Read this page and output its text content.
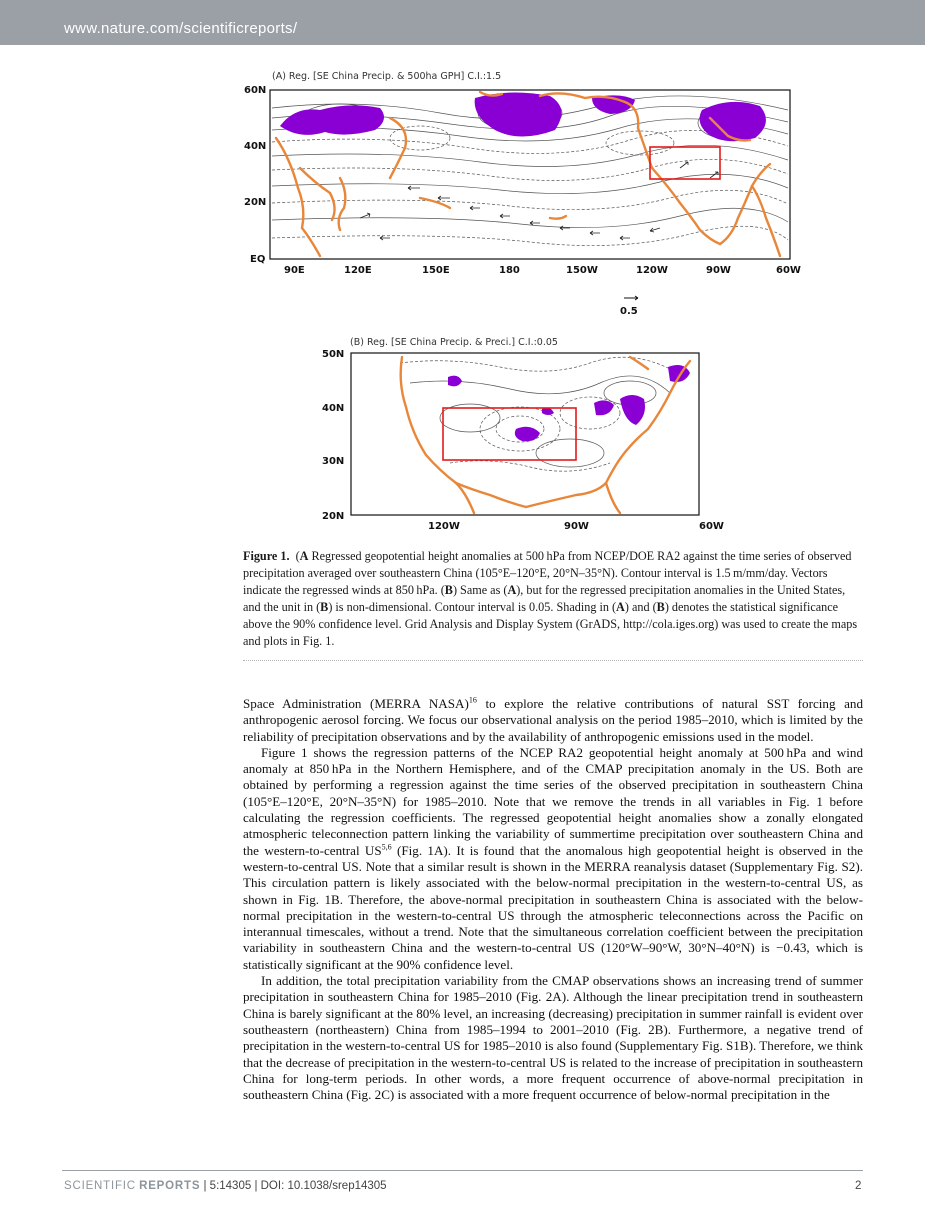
www.nature.com/scientificreports/
(A) Reg. [SE China Precip. & 500ha GPH] C.I.:1.5
60N
40N
20N
EQ
90E	120E	150E	180	150W	120W	90W	60W
0.5
(B) Reg. [SE China Precip. & Preci.] C.I.:0.05
50N
40N
30N
20N
120W	90W	60W
Figure 1. (A Regressed geopotential height anomalies at 500 hPa from NCEP/DOE RA2 against the time series of observed precipitation averaged over southeastern China (105°E–120°E, 20°N–35°N). Contour interval is 1.5 m/mm/day. Vectors indicate the regressed winds at 850 hPa. (B) Same as (A), but for the regressed precipitation anomalies in the United States, and the unit in (B) is non-dimensional. Contour interval is 0.05. Shading in (A) and (B) denotes the statistical significance above the 90% confidence level. Grid Analysis and Display System (GrADS, http://cola.iges.org) was used to create the maps and plots in Fig. 1.

Space Administration (MERRA NASA)$^{16}$ to explore the relative contributions of natural SST forcing and anthropogenic aerosol forcing. We focus our observational analysis on the period 1985–2010, which is limited by the reliability of precipitation observations and by the availability of anthropogenic emissions used in the model.

Figure 1 shows the regression patterns of the NCEP RA2 geopotential height anomaly at 500 hPa and wind anomaly at 850 hPa in the Northern Hemisphere, and of the CMAP precipitation anomaly in the US. Both are obtained by performing a regression against the time series of the observed precipitation in southeastern China (105°E–120°E, 20°N–35°N) for 1985–2010. Note that we remove the trends in all variables in Fig. 1 before calculating the regression coefficients. The regressed geopotential height anomalies show a zonally elongated atmospheric teleconnection pattern linking the variability of summertime precipitation over southeastern China and the western-to-central US$^{5,6}$ (Fig. 1A). It is found that the anomalous high geopotential height is observed in the western-to-central US. Note that a similar result is shown in the MERRA reanalysis dataset (Supplementary Fig. S2). This circulation pattern is likely associated with the below-normal precipitation in the western-to-central US, as shown in Fig. 1B. Therefore, the above-normal precipitation in southeastern China is associated with the below-normal precipitation in the western-to-central US through the atmospheric teleconnections across the Pacific on interannual timescales, without a trend. Note that the simultaneous correlation coefficient between the precipitation variability in southeastern China and the western-to-central US (120°W–90°W, 30°N–40°N) is −0.43, which is statistically significant at the 90% confidence level.

In addition, the total precipitation variability from the CMAP observations shows an increasing trend of summer precipitation in southeastern China for 1985–2010 (Fig. 2A). Although the linear precipitation trend in southeastern China is barely significant at the 80% level, an increasing (decreasing) precipitation in summer rainfall is evident over southeastern (northeastern) China from 1985–1994 to 2001–2010 (Fig. 2B). Furthermore, a negative trend of precipitation in the western-to-central US for 1985–2010 is also found (Supplementary Fig. S1B). Therefore, we think that the decrease of precipitation in the western-to-central US is related to the increase of precipitation in southeastern China for long-term periods. In other words, a more frequent occurrence of above-normal precipitation in southeastern China (Fig. 2C) is associated with a more frequent occurrence of below-normal precipitation in the

SCIENTIFIC REPORTS | 5:14305 | DOI: 10.1038/srep14305	2
